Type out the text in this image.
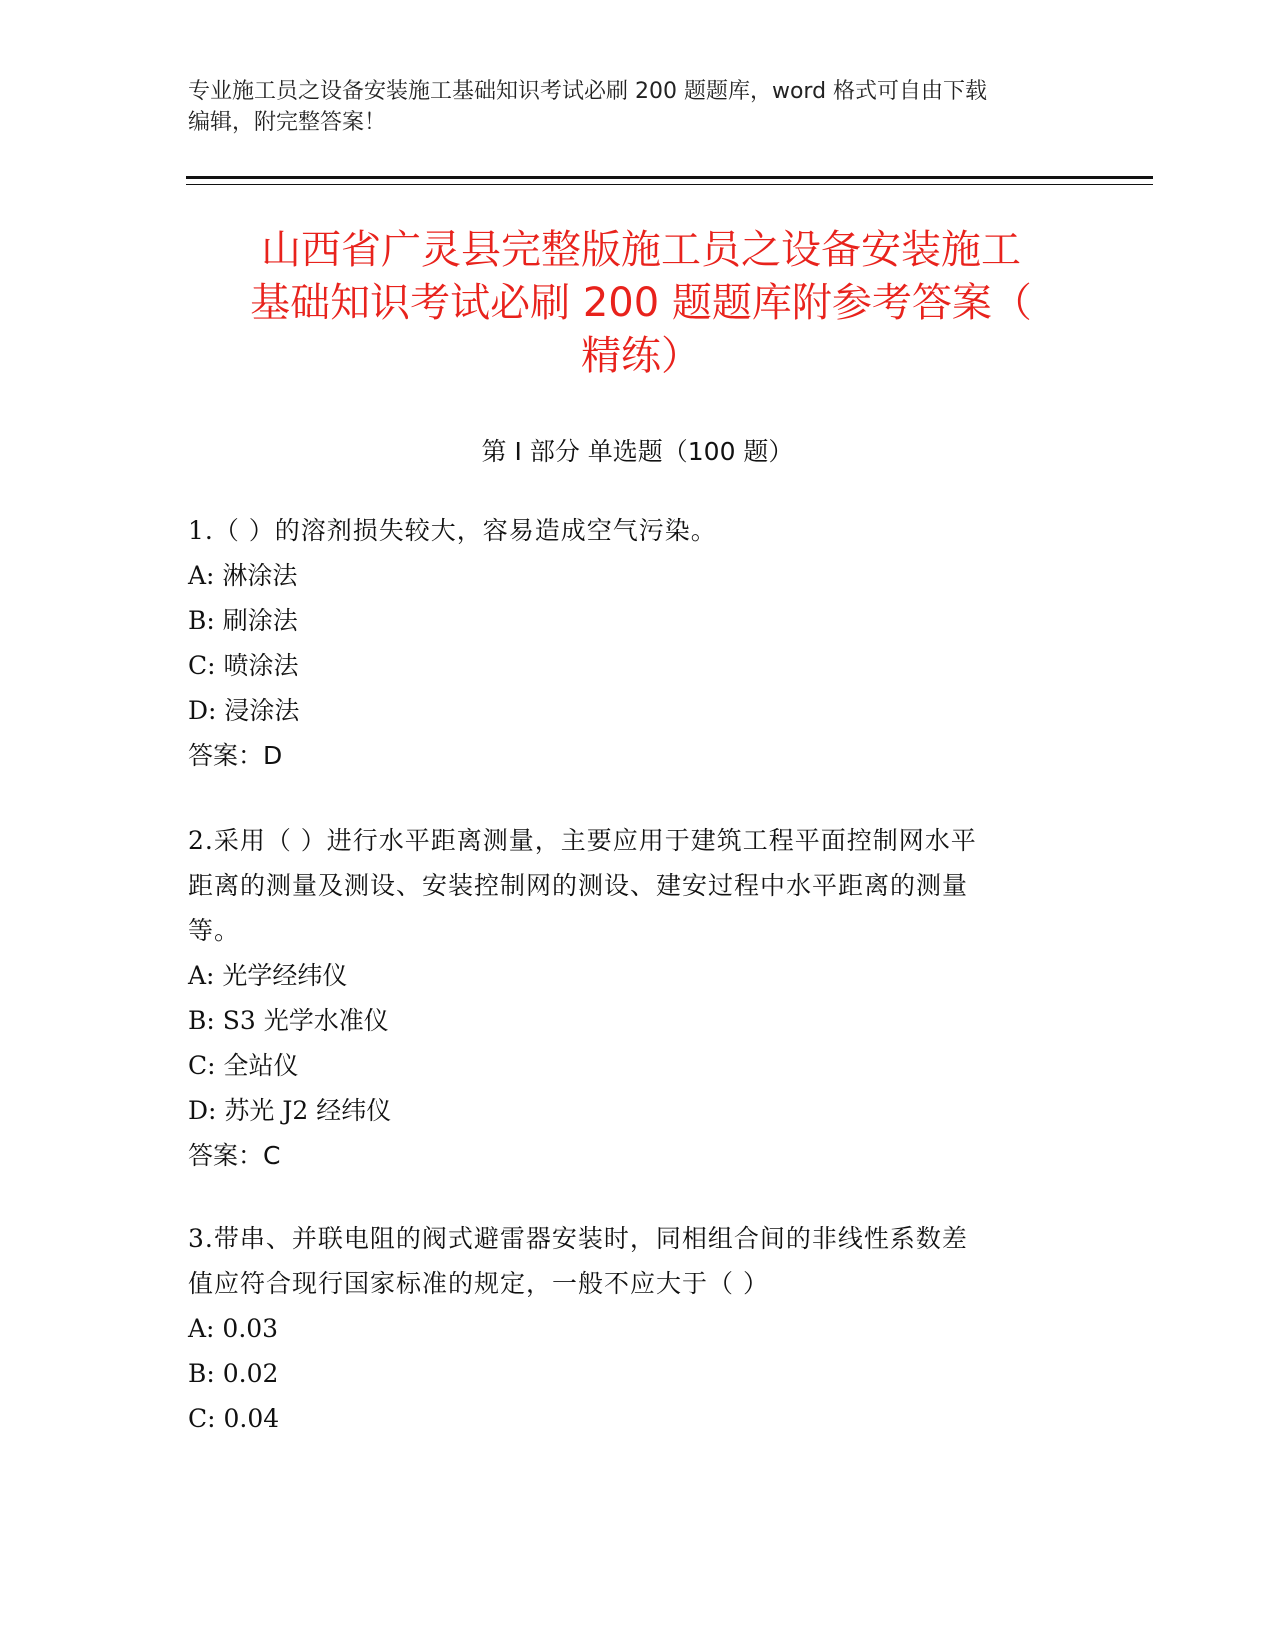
专业施工员之设备安装施工基础知识考试必刷 200 题题库，word 格式可自由下载
编辑，附完整答案！
山西省广灵县完整版施工员之设备安装施工
基础知识考试必刷 200 题题库附参考答案（
精练）
第 I 部分 单选题（100 题）
1.（ ）的溶剂损失较大，容易造成空气污染。
A: 淋涂法
B: 刷涂法
C: 喷涂法
D: 浸涂法
答案：D
2.采用（ ）进行水平距离测量，主要应用于建筑工程平面控制网水平
距离的测量及测设、安装控制网的测设、建安过程中水平距离的测量
等。
A: 光学经纬仪
B: S3 光学水准仪
C: 全站仪
D: 苏光 J2 经纬仪
答案：C
3.带串、并联电阻的阀式避雷器安装时，同相组合间的非线性系数差
值应符合现行国家标准的规定，一般不应大于（ ）
A: 0.03
B: 0.02
C: 0.04
